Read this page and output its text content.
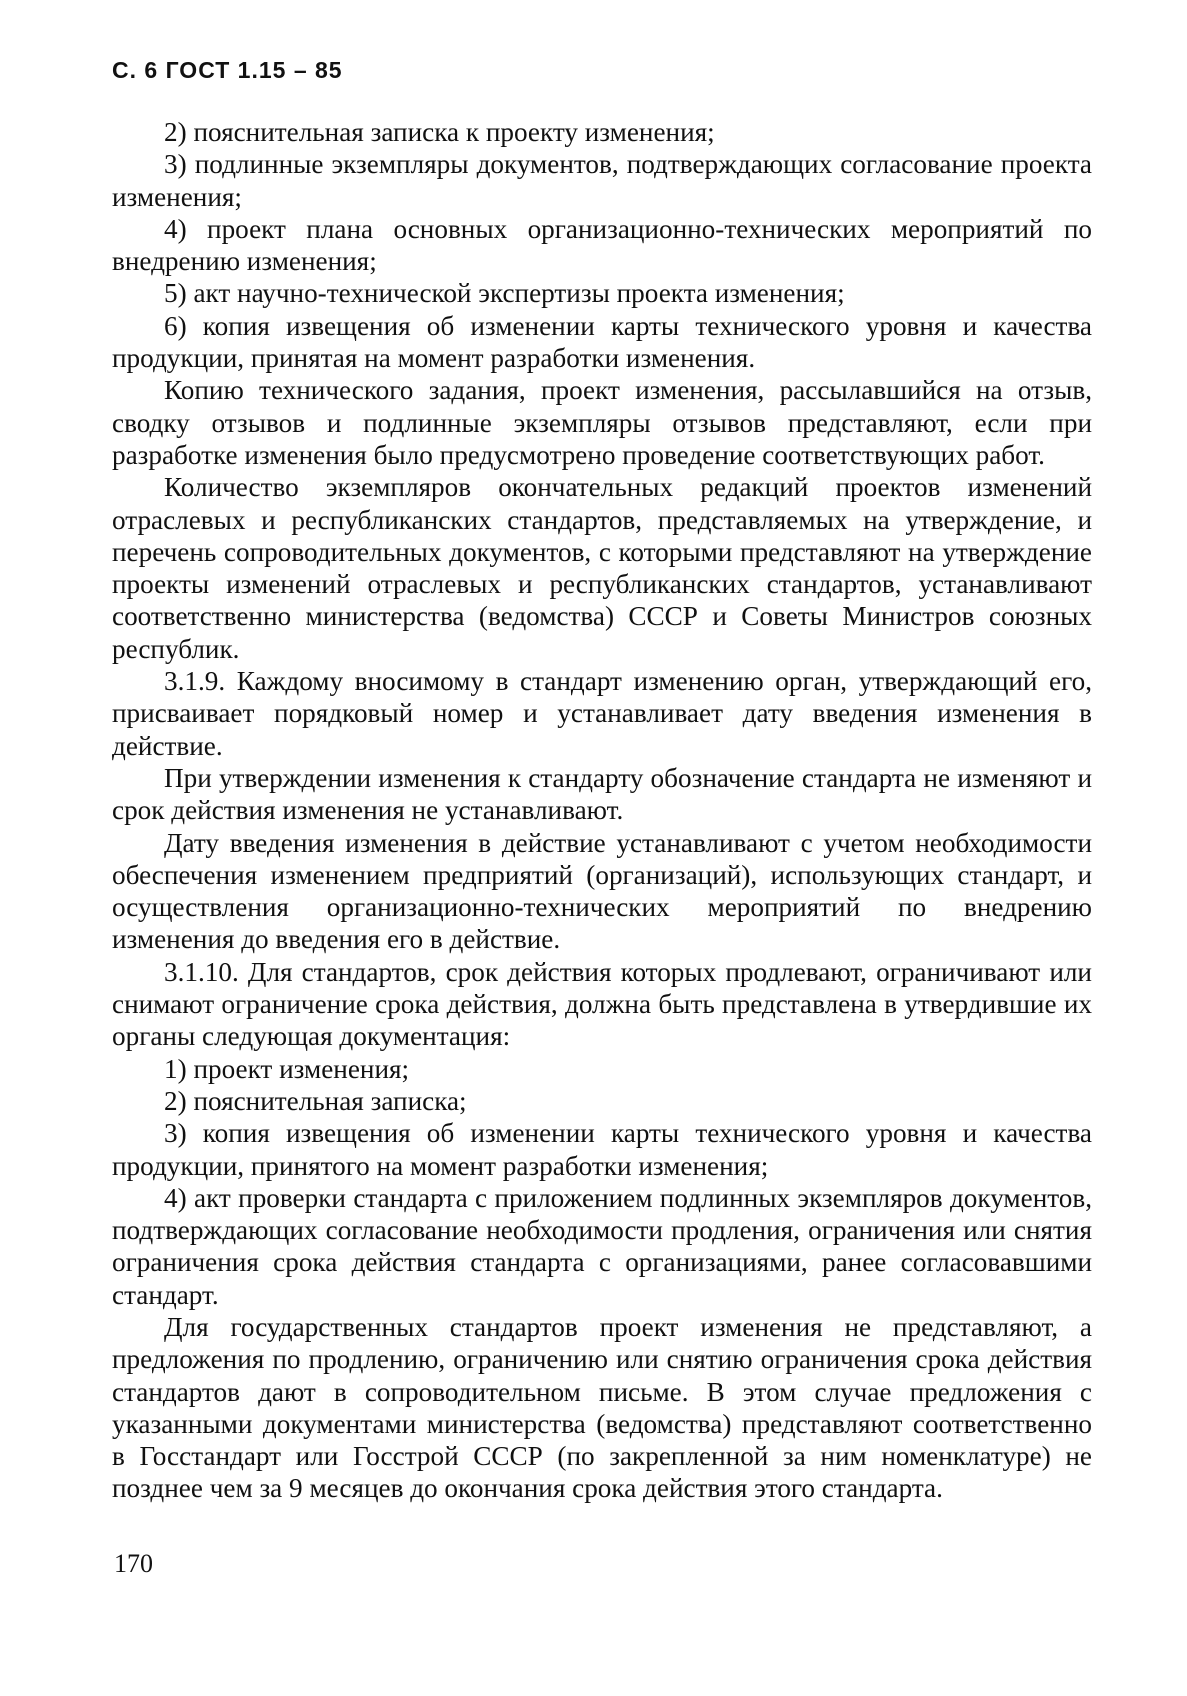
С. 6 ГОСТ 1.15 – 85

2) пояснительная записка к проекту изменения;

3) подлинные экземпляры документов, подтверждающих согласование проекта изменения;

4) проект плана основных организационно-технических мероприятий по внедрению изменения;

5) акт научно-технической экспертизы проекта изменения;

6) копия извещения об изменении карты технического уровня и качества продукции, принятая на момент разработки изменения.

Копию технического задания, проект изменения, рассылавшийся на отзыв, сводку отзывов и подлинные экземпляры отзывов представляют, если при разработке изменения было предусмотрено проведение соответствующих работ.

Количество экземпляров окончательных редакций проектов изменений отраслевых и республиканских стандартов, представляемых на утверждение, и перечень сопроводительных документов, с которыми представляют на утверждение проекты изменений отраслевых и республиканских стандартов, устанавливают соответственно министерства (ведомства) СССР и Советы Министров союзных республик.

3.1.9. Каждому вносимому в стандарт изменению орган, утверждающий его, присваивает порядковый номер и устанавливает дату введения изменения в действие.

При утверждении изменения к стандарту обозначение стандарта не изменяют и срок действия изменения не устанавливают.

Дату введения изменения в действие устанавливают с учетом необходимости обеспечения изменением предприятий (организаций), использующих стандарт, и осуществления организационно-технических мероприятий по внедрению изменения до введения его в действие.

3.1.10. Для стандартов, срок действия которых продлевают, ограничивают или снимают ограничение срока действия, должна быть представлена в утвердившие их органы следующая документация:

1) проект изменения;

2) пояснительная записка;

3) копия извещения об изменении карты технического уровня и качества продукции, принятого на момент разработки изменения;

4) акт проверки стандарта с приложением подлинных экземпляров документов, подтверждающих согласование необходимости продления, ограничения или снятия ограничения срока действия стандарта с организациями, ранее согласовавшими стандарт.

Для государственных стандартов проект изменения не представляют, а предложения по продлению, ограничению или снятию ограничения срока действия стандартов дают в сопроводительном письме. В этом случае предложения с указанными документами министерства (ведомства) представляют соответственно в Госстандарт или Госстрой СССР (по закрепленной за ним номенклатуре) не позднее чем за 9 месяцев до окончания срока действия этого стандарта.

170
